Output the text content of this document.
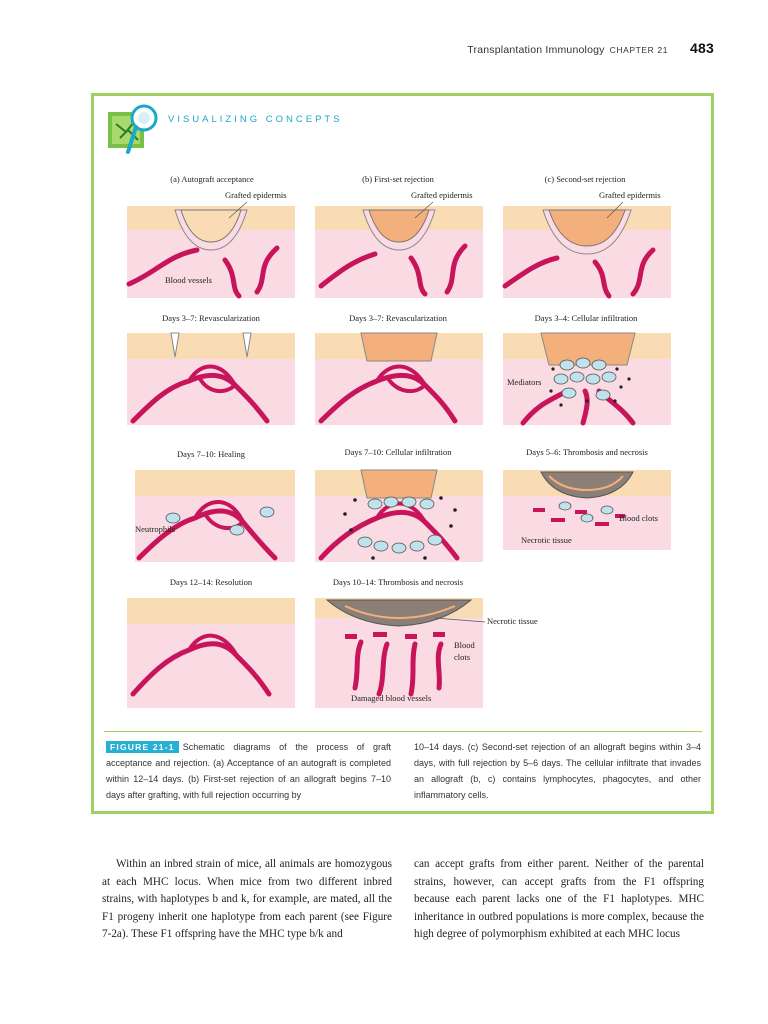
Transplantation Immunology CHAPTER 21 483
VISUALIZING CONCEPTS
(a) Autograft acceptance	(b) First-set rejection	(c) Second-set rejection
Days 3–7: Revascularization	Days 3–7: Revascularization	Days 3–4: Cellular infiltration
Days 7–10: Healing	Days 7–10: Cellular infiltration	Days 5–6: Thrombosis and necrosis
Days 12–14: Resolution	Days 10–14: Thrombosis and necrosis
Grafted epidermis
Blood vessels
Grafted epidermis	Grafted epidermis
Mediators
Neutrophils
Blood clots
Necrotic tissue
Blood
clots
Damaged blood vessels
Necrotic tissue
FIGURE 21-1 Schematic diagrams of the process of graft acceptance and rejection. (a) Acceptance of an autograft is completed within 12–14 days. (b) First-set rejection of an allograft begins 7–10 days after grafting, with full rejection occurring by
10–14 days. (c) Second-set rejection of an allograft begins within 3–4 days, with full rejection by 5–6 days. The cellular infiltrate that invades an allograft (b, c) contains lymphocytes, phagocytes, and other inflammatory cells.
Within an inbred strain of mice, all animals are homozygous at each MHC locus. When mice from two different inbred strains, with haplotypes b and k, for example, are mated, all the F1 progeny inherit one haplotype from each parent (see Figure 7-2a). These F1 offspring have the MHC type b/k and
can accept grafts from either parent. Neither of the parental strains, however, can accept grafts from the F1 offspring because each parent lacks one of the F1 haplotypes. MHC inheritance in outbred populations is more complex, because the high degree of polymorphism exhibited at each MHC locus
